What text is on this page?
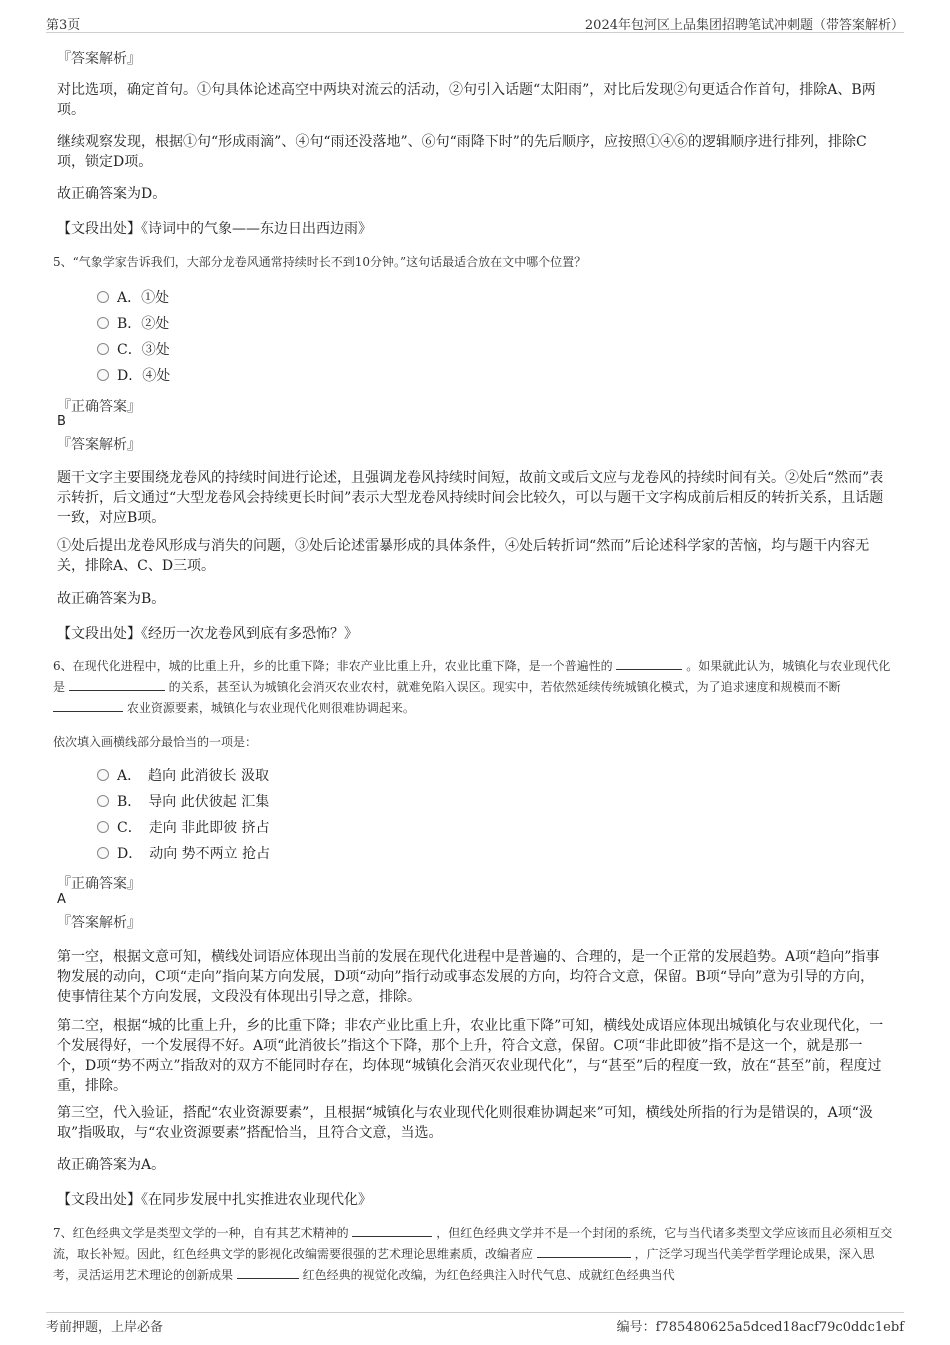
第3页	2024年包河区上品集团招聘笔试冲刺题（带答案解析）
『答案解析』
对比选项，确定首句。①句具体论述高空中两块对流云的活动，②句引入话题“太阳雨”，对比后发现②句更适合作首句，排除A、B两项。
继续观察发现，根据①句“形成雨滴”、④句“雨还没落地”、⑥句“雨降下时”的先后顺序，应按照①④⑥的逻辑顺序进行排列，排除C项，锁定D项。
故正确答案为D。
【文段出处】《诗词中的气象——东边日出西边雨》
5、“气象学家告诉我们，大部分龙卷风通常持续时长不到10分钟。”这句话最适合放在文中哪个位置？
A．①处
B．②处
C．③处
D．④处
『正确答案』
B
『答案解析』
题干文字主要围绕龙卷风的持续时间进行论述，且强调龙卷风持续时间短，故前文或后文应与龙卷风的持续时间有关。②处后“然而”表示转折，后文通过“大型龙卷风会持续更长时间”表示大型龙卷风持续时间会比较久，可以与题干文字构成前后相反的转折关系，且话题一致，对应B项。
①处后提出龙卷风形成与消失的问题，③处后论述雷暴形成的具体条件，④处后转折词“然而”后论述科学家的苦恼，均与题干内容无关，排除A、C、D三项。
故正确答案为B。
【文段出处】《经历一次龙卷风到底有多恐怖？》
6、在现代化进程中，城的比重上升，乡的比重下降；非农产业比重上升，农业比重下降，是一个普遍性的	。如果就此认为，城镇化与农业现代化是	的关系，甚至认为城镇化会消灭农业农村，就难免陷入误区。现实中，若依然延续传统城镇化模式，为了追求速度和规模而不断  农业资源要素，城镇化与农业现代化则很难协调起来。
依次填入画横线部分最恰当的一项是：
A．　趋向 此消彼长 汲取
B．　导向 此伏彼起 汇集
C．　走向 非此即彼 挤占
D．　动向 势不两立 抢占
『正确答案』
A
『答案解析』
第一空，根据文意可知，横线处词语应体现出当前的发展在现代化进程中是普遍的、合理的，是一个正常的发展趋势。A项“趋向”指事物发展的动向，C项“走向”指向某方向发展，D项“动向”指行动或事态发展的方向，均符合文意，保留。B项“导向”意为引导的方向，使事情往某个方向发展，文段没有体现出引导之意，排除。
第二空，根据“城的比重上升，乡的比重下降；非农产业比重上升，农业比重下降”可知，横线处成语应体现出城镇化与农业现代化，一个发展得好，一个发展得不好。A项“此消彼长”指这个下降，那个上升，符合文意，保留。C项“非此即彼”指不是这一个，就是那一个，D项“势不两立”指敌对的双方不能同时存在，均体现“城镇化会消灭农业现代化”，与“甚至”后的程度一致，放在“甚至”前，程度过重，排除。
第三空，代入验证，搭配“农业资源要素”，且根据“城镇化与农业现代化则很难协调起来”可知，横线处所指的行为是错误的，A项“汲取”指吸取，与“农业资源要素”搭配恰当，且符合文意，当选。
故正确答案为A。
【文段出处】《在同步发展中扎实推进农业现代化》
7、红色经典文学是类型文学的一种，自有其艺术精神的	，但红色经典文学并不是一个封闭的系统，它与当代诸多类型文学应该而且必须相互交流，取长补短。因此，红色经典文学的影视化改编需要很强的艺术理论思维素质，改编者应	，广泛学习现当代美学哲学理论成果，深入思考，灵活运用艺术理论的创新成果	红色经典的视觉化改编，为红色经典注入时代气息、成就红色经典当代
考前押题，上岸必备	编号：f785480625a5dced18acf79c0ddc1ebf
